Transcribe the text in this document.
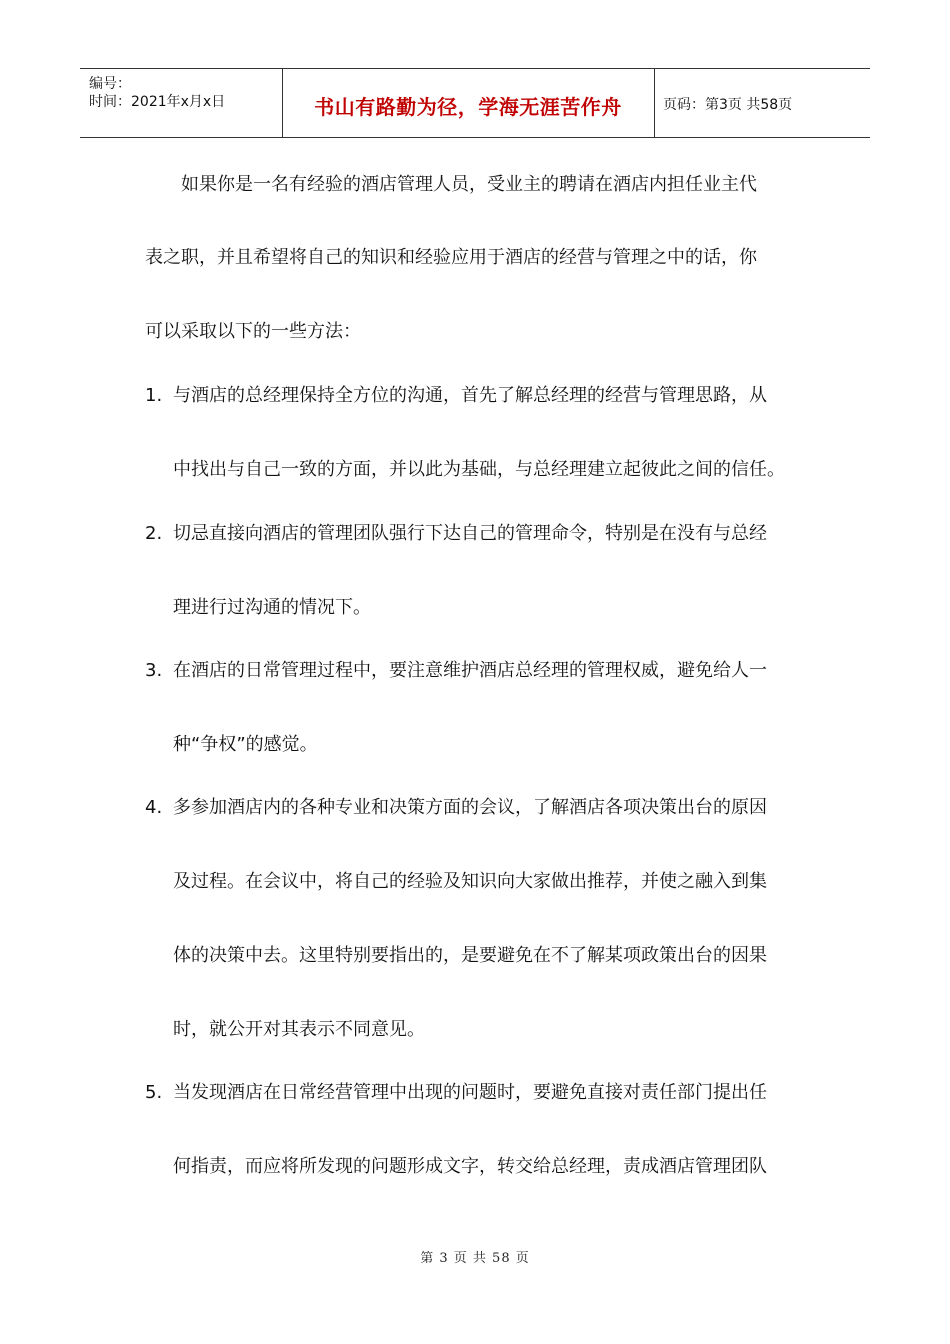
编号：
时间：2021年x月x日	书山有路勤为径，学海无涯苦作舟	页码：第3页 共58页
如果你是一名有经验的酒店管理人员，受业主的聘请在酒店内担任业主代
表之职，并且希望将自己的知识和经验应用于酒店的经营与管理之中的话，你
可以采取以下的一些方法：
1. 与酒店的总经理保持全方位的沟通，首先了解总经理的经营与管理思路，从
中找出与自己一致的方面，并以此为基础，与总经理建立起彼此之间的信任。
2. 切忌直接向酒店的管理团队强行下达自己的管理命令，特别是在没有与总经
理进行过沟通的情况下。
3. 在酒店的日常管理过程中，要注意维护酒店总经理的管理权威，避免给人一
种“争权”的感觉。
4. 多参加酒店内的各种专业和决策方面的会议，了解酒店各项决策出台的原因
及过程。在会议中，将自己的经验及知识向大家做出推荐，并使之融入到集
体的决策中去。这里特别要指出的，是要避免在不了解某项政策出台的因果
时，就公开对其表示不同意见。
5. 当发现酒店在日常经营管理中出现的问题时，要避免直接对责任部门提出任
何指责，而应将所发现的问题形成文字，转交给总经理，责成酒店管理团队
第 3 页 共 58 页
